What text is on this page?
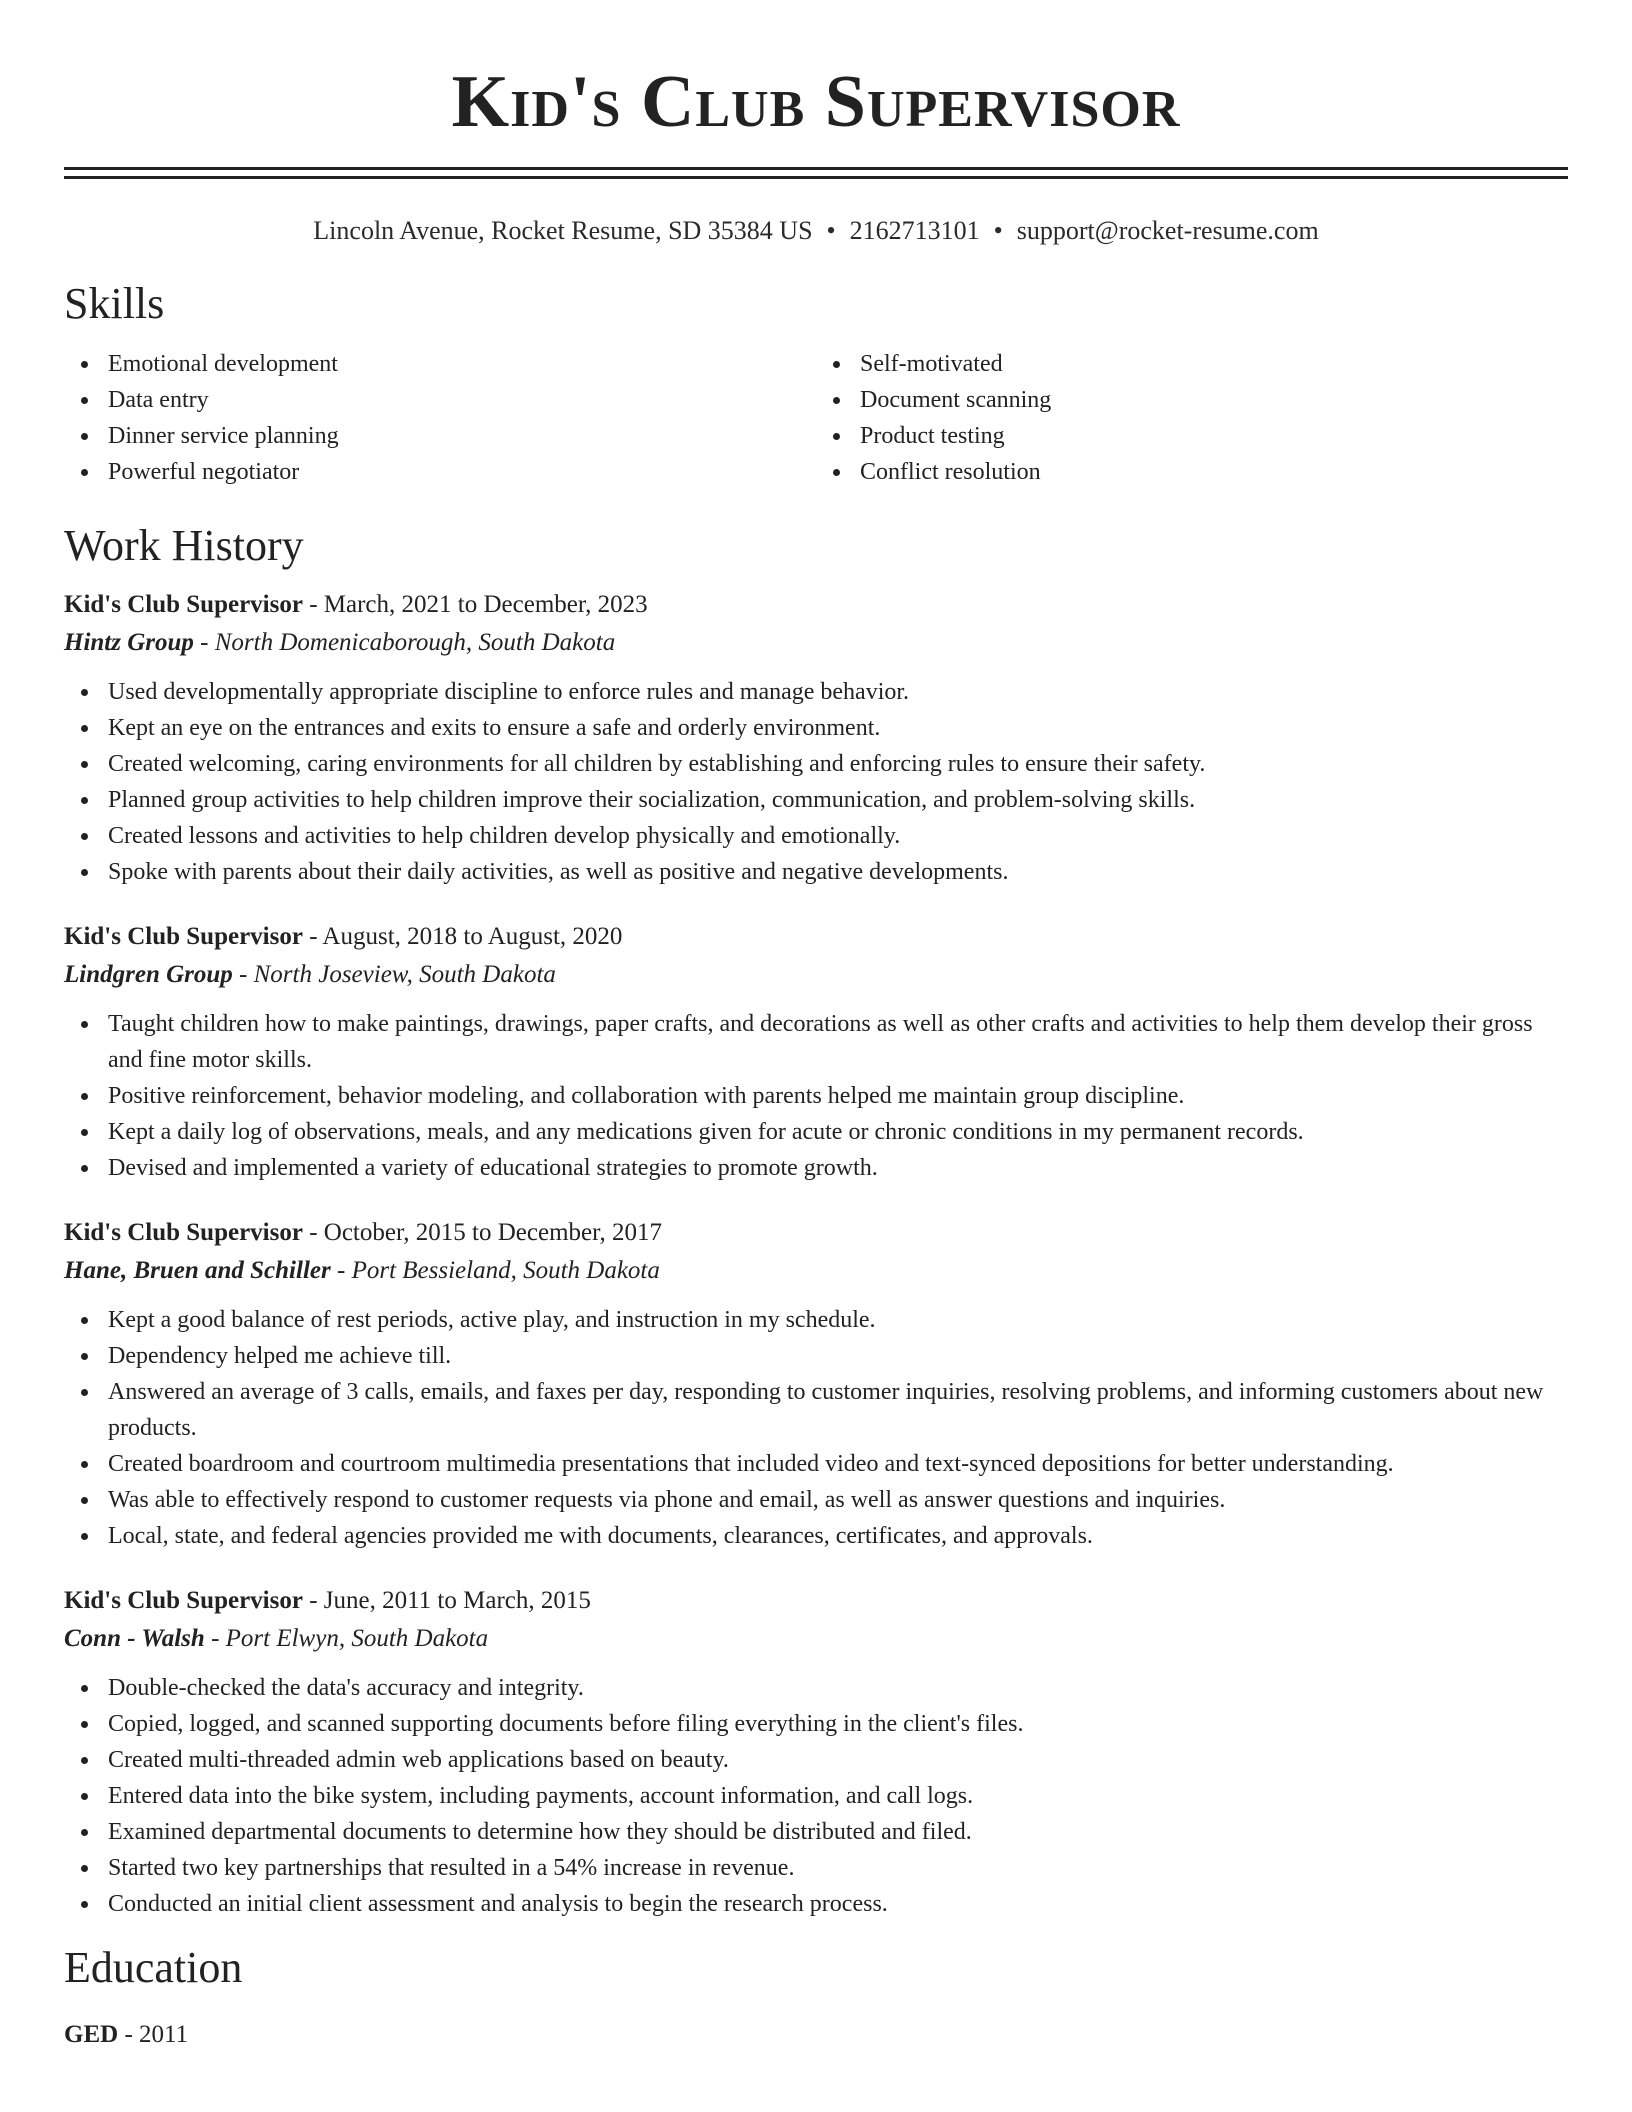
Kid's Club Supervisor
Lincoln Avenue, Rocket Resume, SD 35384 US • 2162713101 • support@rocket-resume.com
Skills
Emotional development
Data entry
Dinner service planning
Powerful negotiator
Self-motivated
Document scanning
Product testing
Conflict resolution
Work History
Kid's Club Supervisor - March, 2021 to December, 2023
Hintz Group - North Domenicaborough, South Dakota
Used developmentally appropriate discipline to enforce rules and manage behavior.
Kept an eye on the entrances and exits to ensure a safe and orderly environment.
Created welcoming, caring environments for all children by establishing and enforcing rules to ensure their safety.
Planned group activities to help children improve their socialization, communication, and problem-solving skills.
Created lessons and activities to help children develop physically and emotionally.
Spoke with parents about their daily activities, as well as positive and negative developments.
Kid's Club Supervisor - August, 2018 to August, 2020
Lindgren Group - North Joseview, South Dakota
Taught children how to make paintings, drawings, paper crafts, and decorations as well as other crafts and activities to help them develop their gross and fine motor skills.
Positive reinforcement, behavior modeling, and collaboration with parents helped me maintain group discipline.
Kept a daily log of observations, meals, and any medications given for acute or chronic conditions in my permanent records.
Devised and implemented a variety of educational strategies to promote growth.
Kid's Club Supervisor - October, 2015 to December, 2017
Hane, Bruen and Schiller - Port Bessieland, South Dakota
Kept a good balance of rest periods, active play, and instruction in my schedule.
Dependency helped me achieve till.
Answered an average of 3 calls, emails, and faxes per day, responding to customer inquiries, resolving problems, and informing customers about new products.
Created boardroom and courtroom multimedia presentations that included video and text-synced depositions for better understanding.
Was able to effectively respond to customer requests via phone and email, as well as answer questions and inquiries.
Local, state, and federal agencies provided me with documents, clearances, certificates, and approvals.
Kid's Club Supervisor - June, 2011 to March, 2015
Conn - Walsh - Port Elwyn, South Dakota
Double-checked the data's accuracy and integrity.
Copied, logged, and scanned supporting documents before filing everything in the client's files.
Created multi-threaded admin web applications based on beauty.
Entered data into the bike system, including payments, account information, and call logs.
Examined departmental documents to determine how they should be distributed and filed.
Started two key partnerships that resulted in a 54% increase in revenue.
Conducted an initial client assessment and analysis to begin the research process.
Education
GED - 2011
